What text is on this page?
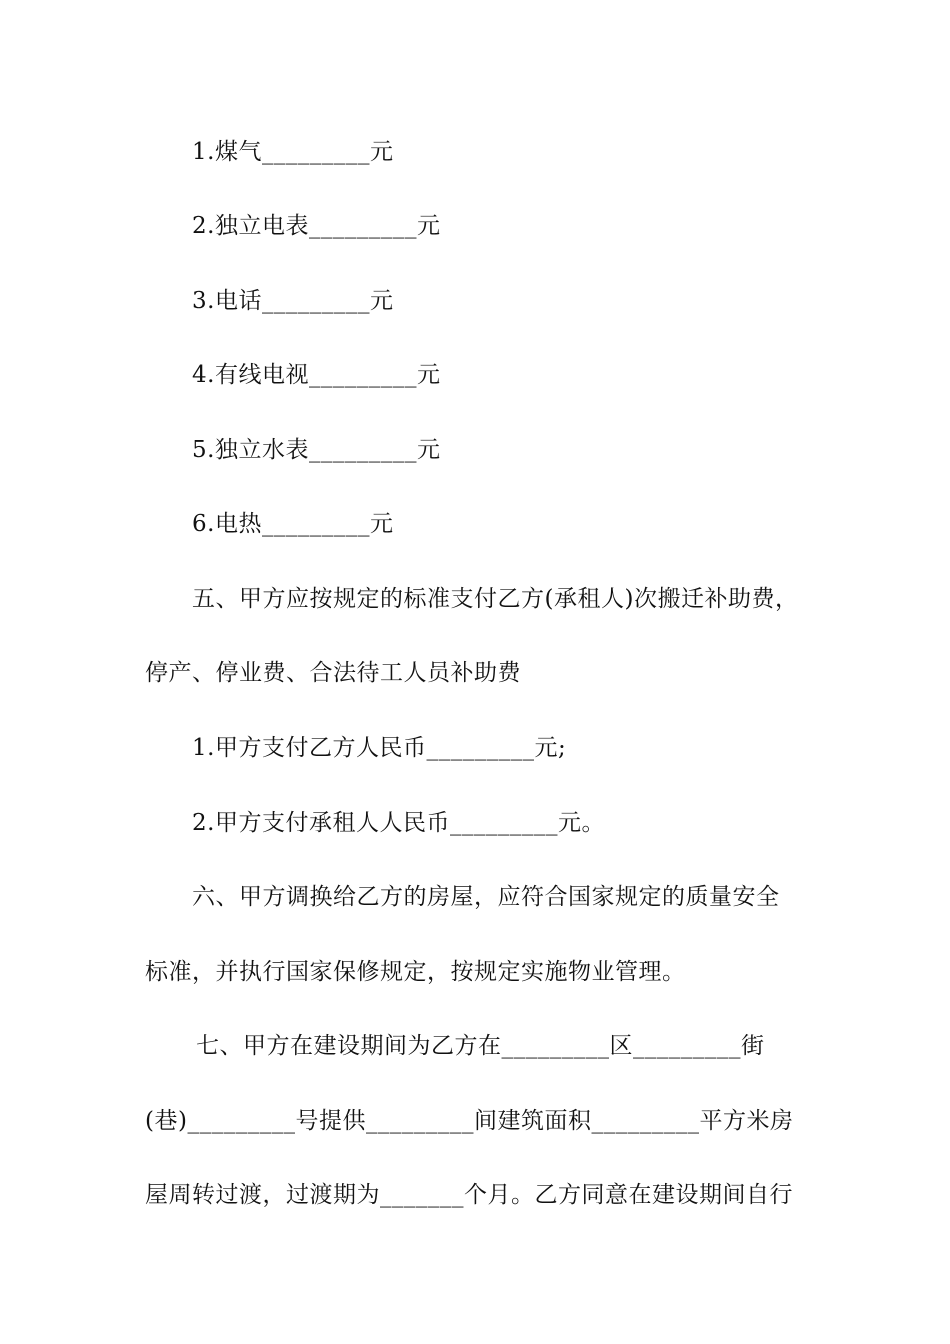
1.煤气_________元
2.独立电表_________元
3.电话_________元
4.有线电视_________元
5.独立水表_________元
6.电热_________元
五、甲方应按规定的标准支付乙方(承租人)次搬迁补助费，
停产、停业费、合法待工人员补助费
1.甲方支付乙方人民币_________元;
2.甲方支付承租人人民币_________元。
六、甲方调换给乙方的房屋，应符合国家规定的质量安全
标准，并执行国家保修规定，按规定实施物业管理。
七、甲方在建设期间为乙方在_________区_________街
(巷)_________号提供_________间建筑面积_________平方米房
屋周转过渡，过渡期为_______个月。乙方同意在建设期间自行
